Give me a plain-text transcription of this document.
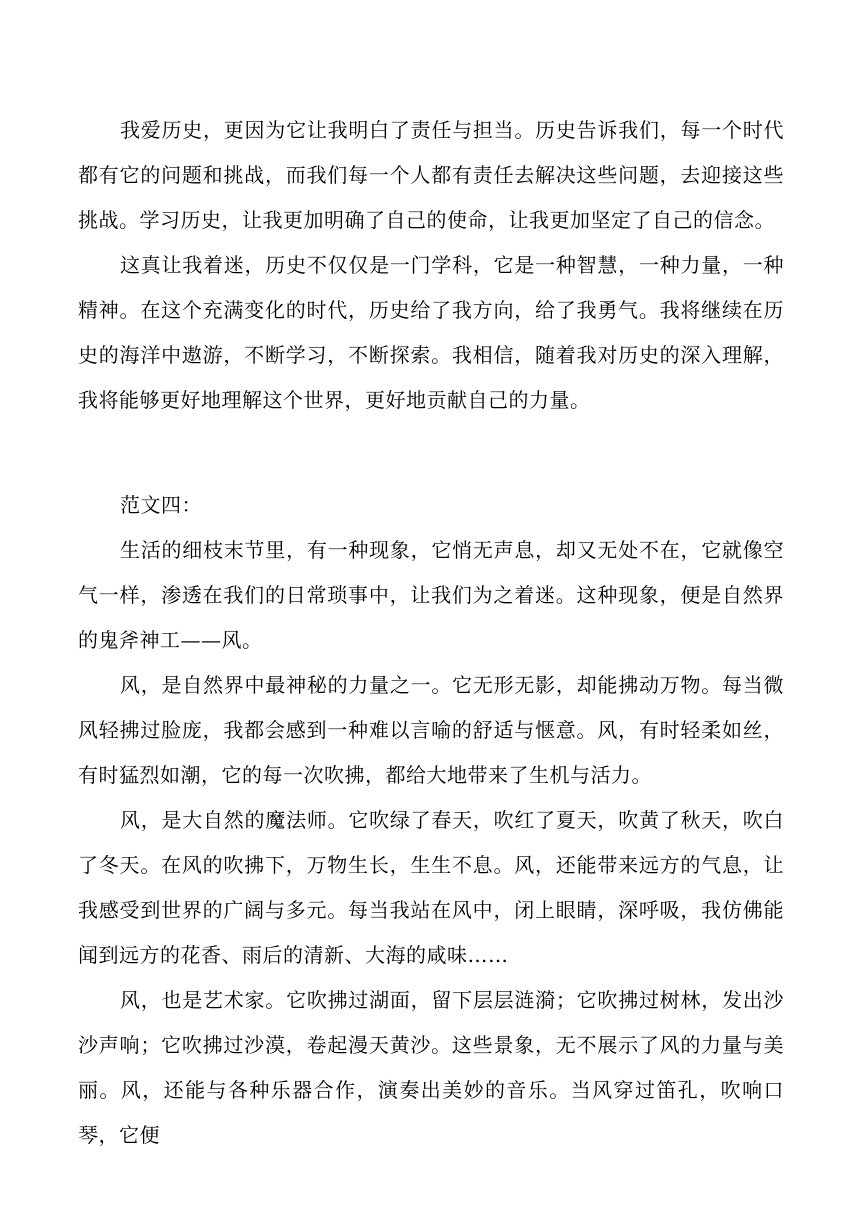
我爱历史，更因为它让我明白了责任与担当。历史告诉我们，每一个时代都有它的问题和挑战，而我们每一个人都有责任去解决这些问题，去迎接这些挑战。学习历史，让我更加明确了自己的使命，让我更加坚定了自己的信念。

这真让我着迷，历史不仅仅是一门学科，它是一种智慧，一种力量，一种精神。在这个充满变化的时代，历史给了我方向，给了我勇气。我将继续在历史的海洋中遨游，不断学习，不断探索。我相信，随着我对历史的深入理解，我将能够更好地理解这个世界，更好地贡献自己的力量。

范文四：

生活的细枝末节里，有一种现象，它悄无声息，却又无处不在，它就像空气一样，渗透在我们的日常琐事中，让我们为之着迷。这种现象，便是自然界的鬼斧神工——风。

风，是自然界中最神秘的力量之一。它无形无影，却能拂动万物。每当微风轻拂过脸庞，我都会感到一种难以言喻的舒适与惬意。风，有时轻柔如丝，有时猛烈如潮，它的每一次吹拂，都给大地带来了生机与活力。

风，是大自然的魔法师。它吹绿了春天，吹红了夏天，吹黄了秋天，吹白了冬天。在风的吹拂下，万物生长，生生不息。风，还能带来远方的气息，让我感受到世界的广阔与多元。每当我站在风中，闭上眼睛，深呼吸，我仿佛能闻到远方的花香、雨后的清新、大海的咸味……

风，也是艺术家。它吹拂过湖面，留下层层涟漪；它吹拂过树林，发出沙沙声响；它吹拂过沙漠，卷起漫天黄沙。这些景象，无不展示了风的力量与美丽。风，还能与各种乐器合作，演奏出美妙的音乐。当风穿过笛孔，吹响口琴，它便
